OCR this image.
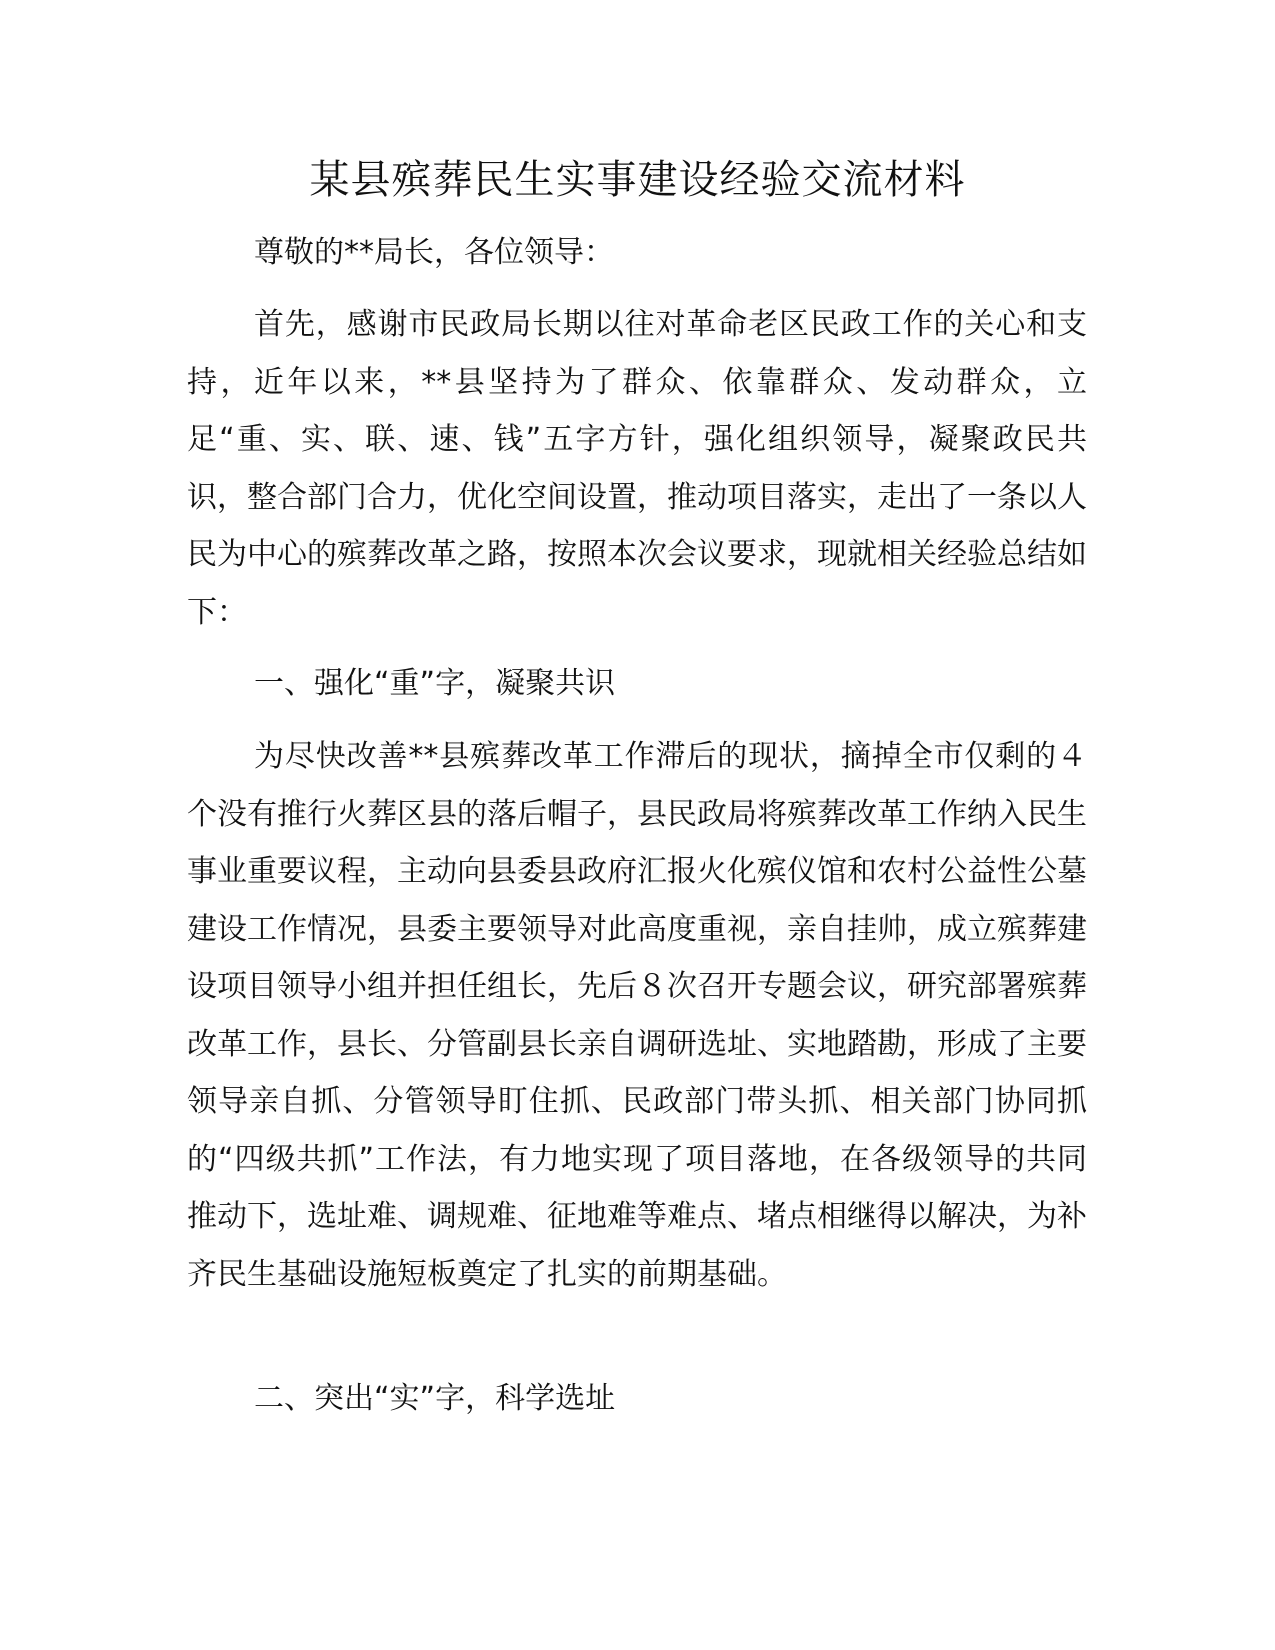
某县殡葬民生实事建设经验交流材料

尊敬的**局长，各位领导：

首先，感谢市民政局长期以往对革命老区民政工作的关心和支持，近年以来，**县坚持为了群众、依靠群众、发动群众，立足“重、实、联、速、钱”五字方针，强化组织领导，凝聚政民共识，整合部门合力，优化空间设置，推动项目落实，走出了一条以人民为中心的殡葬改革之路，按照本次会议要求，现就相关经验总结如下：

一、强化“重”字，凝聚共识

为尽快改善**县殡葬改革工作滞后的现状，摘掉全市仅剩的４个没有推行火葬区县的落后帽子，县民政局将殡葬改革工作纳入民生事业重要议程，主动向县委县政府汇报火化殡仪馆和农村公益性公墓建设工作情况，县委主要领导对此高度重视，亲自挂帅，成立殡葬建设项目领导小组并担任组长，先后８次召开专题会议，研究部署殡葬改革工作，县长、分管副县长亲自调研选址、实地踏勘，形成了主要领导亲自抓、分管领导盯住抓、民政部门带头抓、相关部门协同抓的“四级共抓”工作法，有力地实现了项目落地，在各级领导的共同推动下，选址难、调规难、征地难等难点、堵点相继得以解决，为补齐民生基础设施短板奠定了扎实的前期基础。

二、突出“实”字，科学选址
